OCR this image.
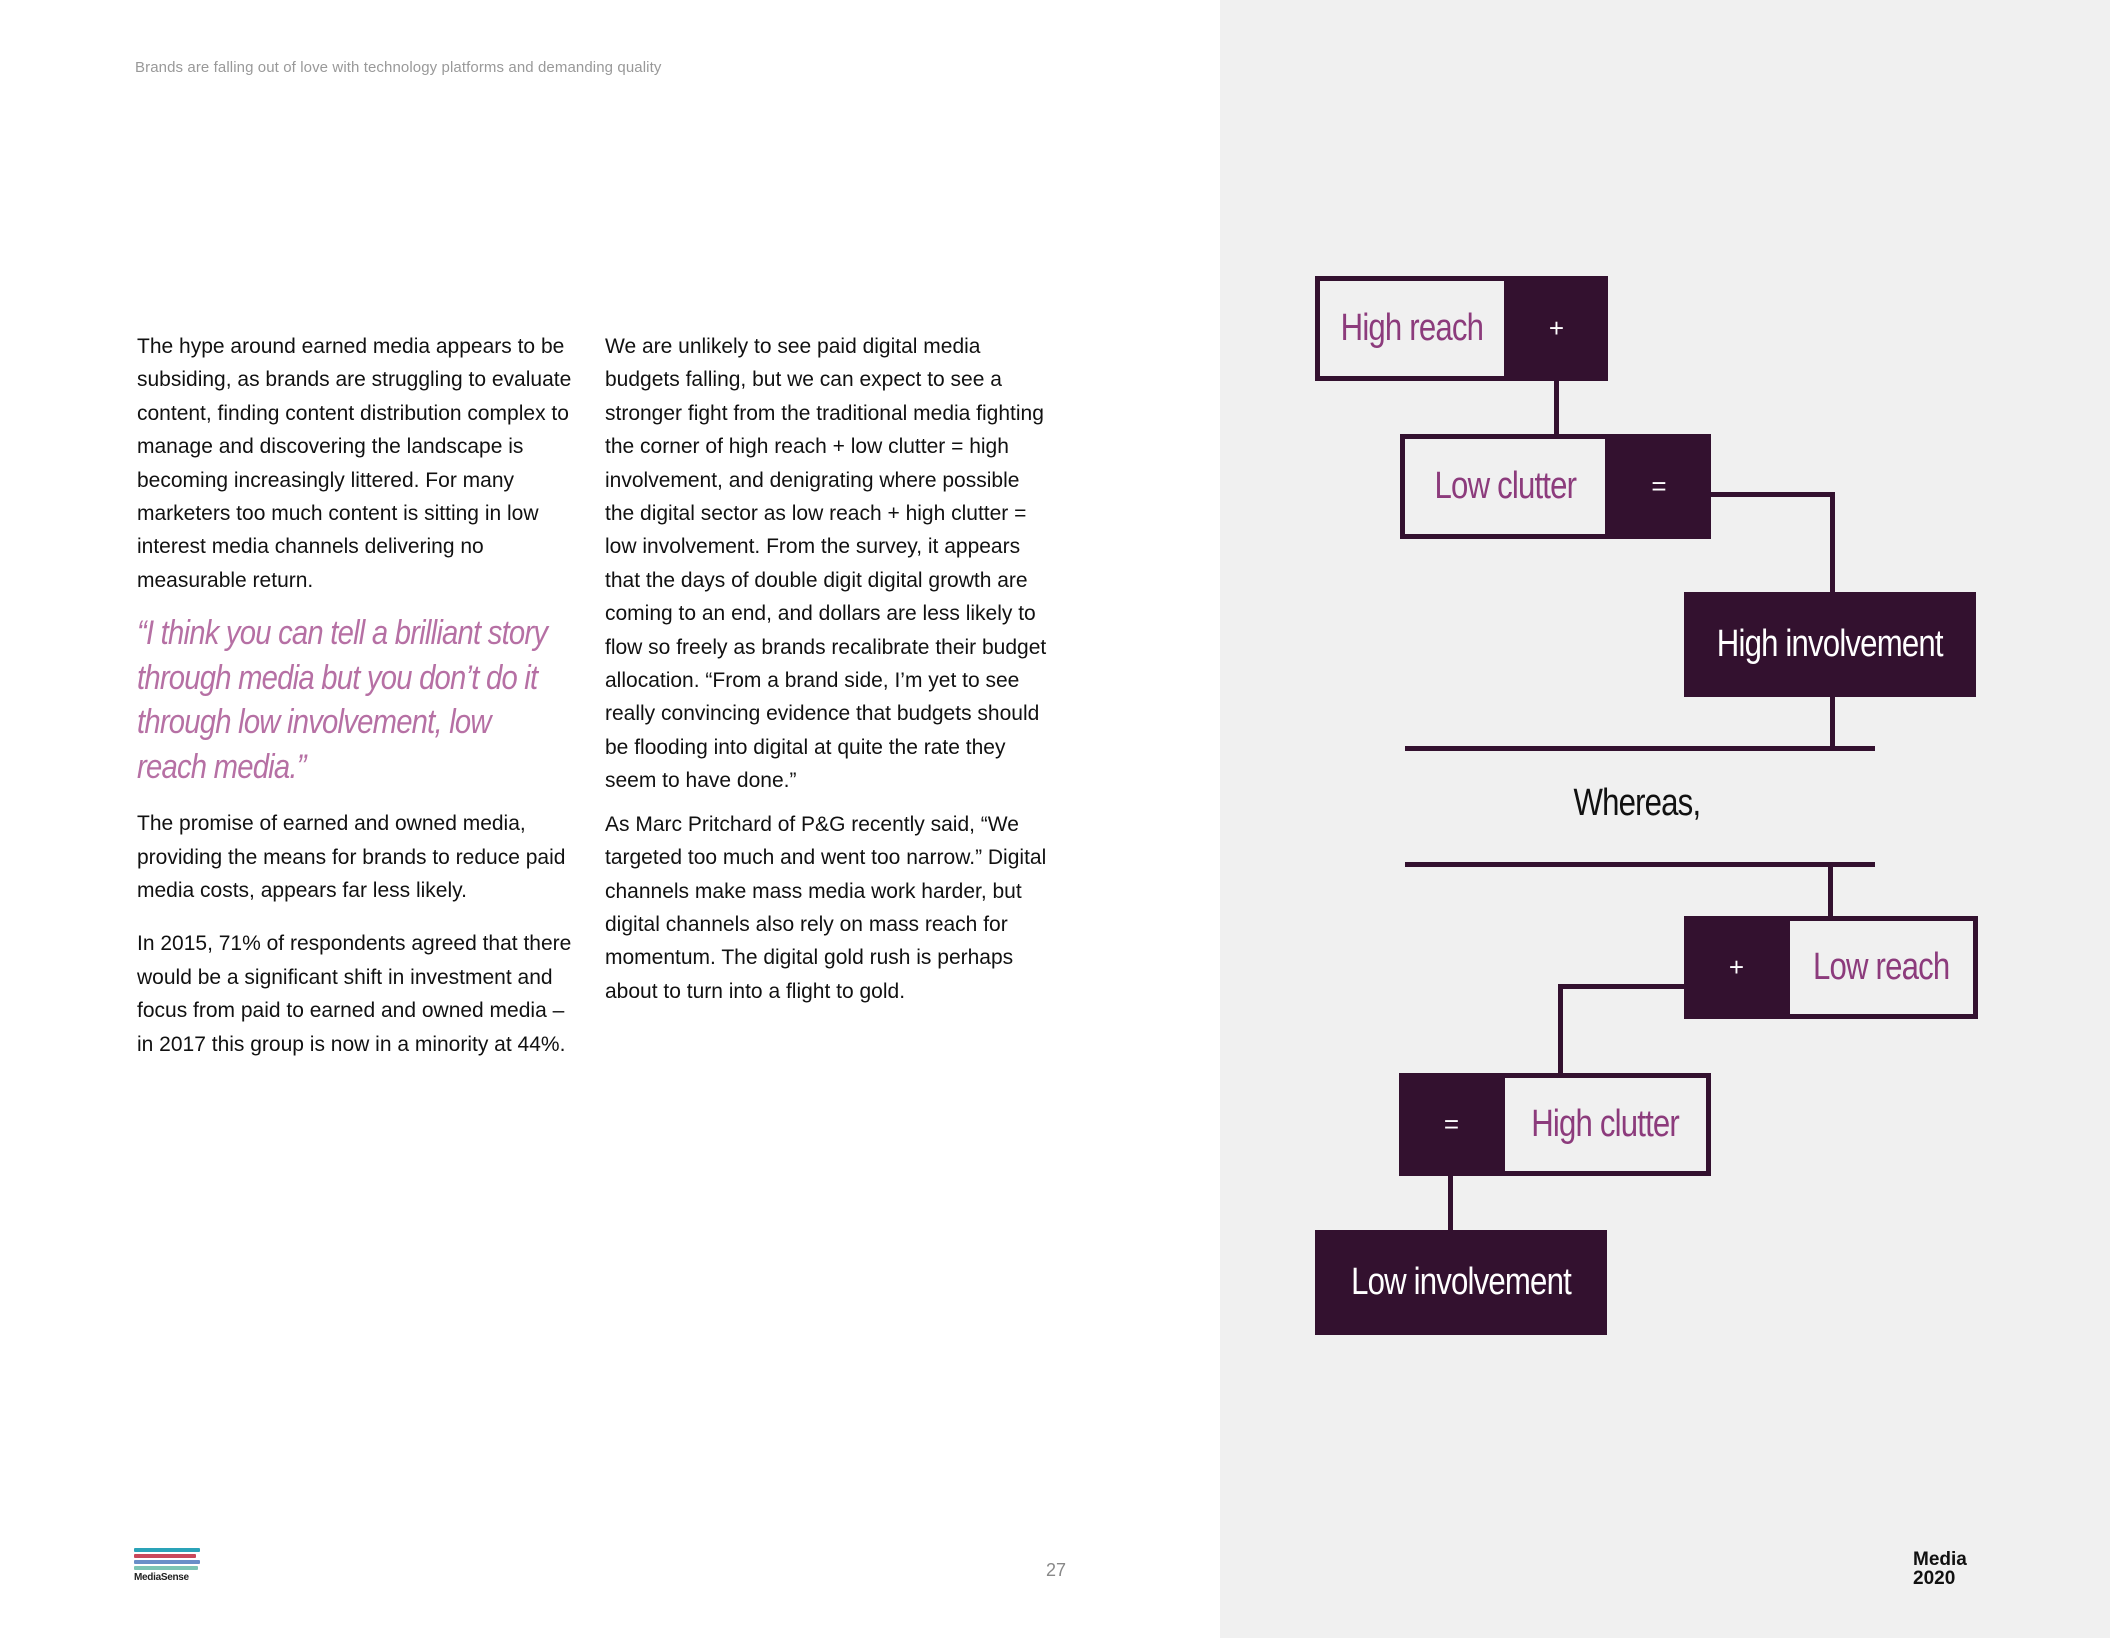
Brands are falling out of love with technology platforms and demanding quality

The hype around earned media appears to be subsiding, as brands are struggling to evaluate content, finding content distribution complex to manage and discovering the landscape is becoming increasingly littered. For many marketers too much content is sitting in low interest media channels delivering no measurable return.

“I think you can tell a brilliant story through media but you don’t do it through low involvement, low reach media.”

The promise of earned and owned media, providing the means for brands to reduce paid media costs, appears far less likely.

In 2015, 71% of respondents agreed that there would be a significant shift in investment and focus from paid to earned and owned media – in 2017 this group is now in a minority at 44%.

We are unlikely to see paid digital media budgets falling, but we can expect to see a stronger fight from the traditional media fighting the corner of high reach + low clutter = high involvement, and denigrating where possible the digital sector as low reach + high clutter = low involvement. From the survey, it appears that the days of double digit digital growth are coming to an end, and dollars are less likely to flow so freely as brands recalibrate their budget allocation. “From a brand side, I’m yet to see really convincing evidence that budgets should be flooding into digital at quite the rate they seem to have done.”

As Marc Pritchard of P&G recently said, “We targeted too much and went too narrow.” Digital channels make mass media work harder, but digital channels also rely on mass reach for momentum. The digital gold rush is perhaps about to turn into a flight to gold.

MediaSense	27
High reach	+
Low clutter	=
High involvement
Whereas,
+ Low reach
= High clutter
Low involvement
Media
2020
